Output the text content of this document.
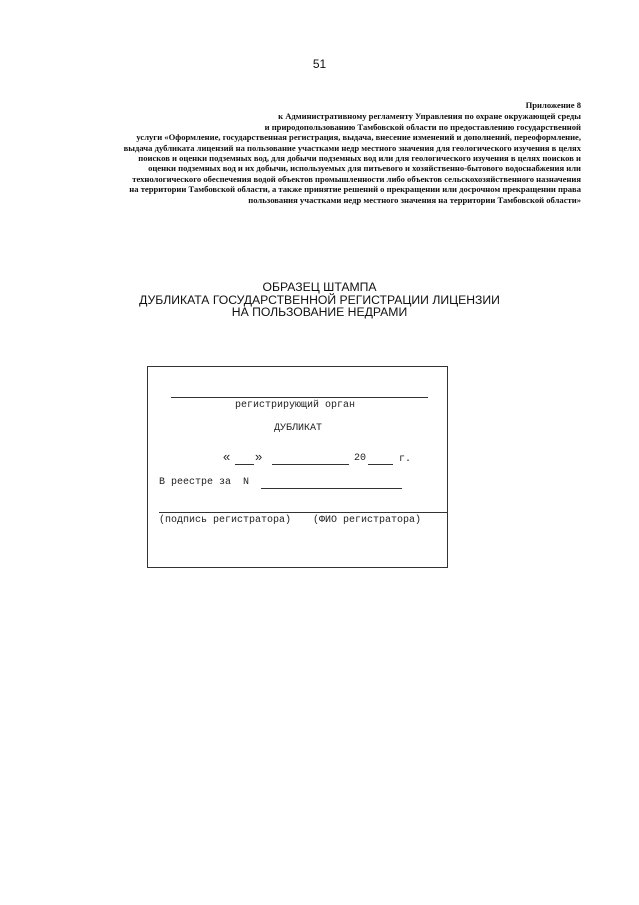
51
Приложение 8
к Административному регламенту Управления по охране окружающей среды
и природопользованию Тамбовской области по предоставлению государственной
услуги «Оформление, государственная регистрация, выдача, внесение изменений и дополнений, переоформление,
выдача дубликата лицензий на пользование участками недр местного значения для геологического изучения в целях
поисков и оценки подземных вод, для добычи подземных вод или для геологического изучения в целях поисков и
оценки подземных вод и их добычи, используемых для питьевого и хозяйственно-бытового водоснабжения или
технологического обеспечения водой объектов промышленности либо объектов сельскохозяйственного назначения
на территории Тамбовской области, а также принятие решений о прекращении или досрочном прекращении права
пользования участками недр местного значения на территории Тамбовской области»
ОБРАЗЕЦ ШТАМПА
ДУБЛИКАТА ГОСУДАРСТВЕННОЙ РЕГИСТРАЦИИ ЛИЦЕНЗИИ
НА ПОЛЬЗОВАНИЕ НЕДРАМИ
регистрирующий орган
ДУБЛИКАТ
« »	20	г.
В реестре за  N
(подпись регистратора) (ФИО регистратора)
